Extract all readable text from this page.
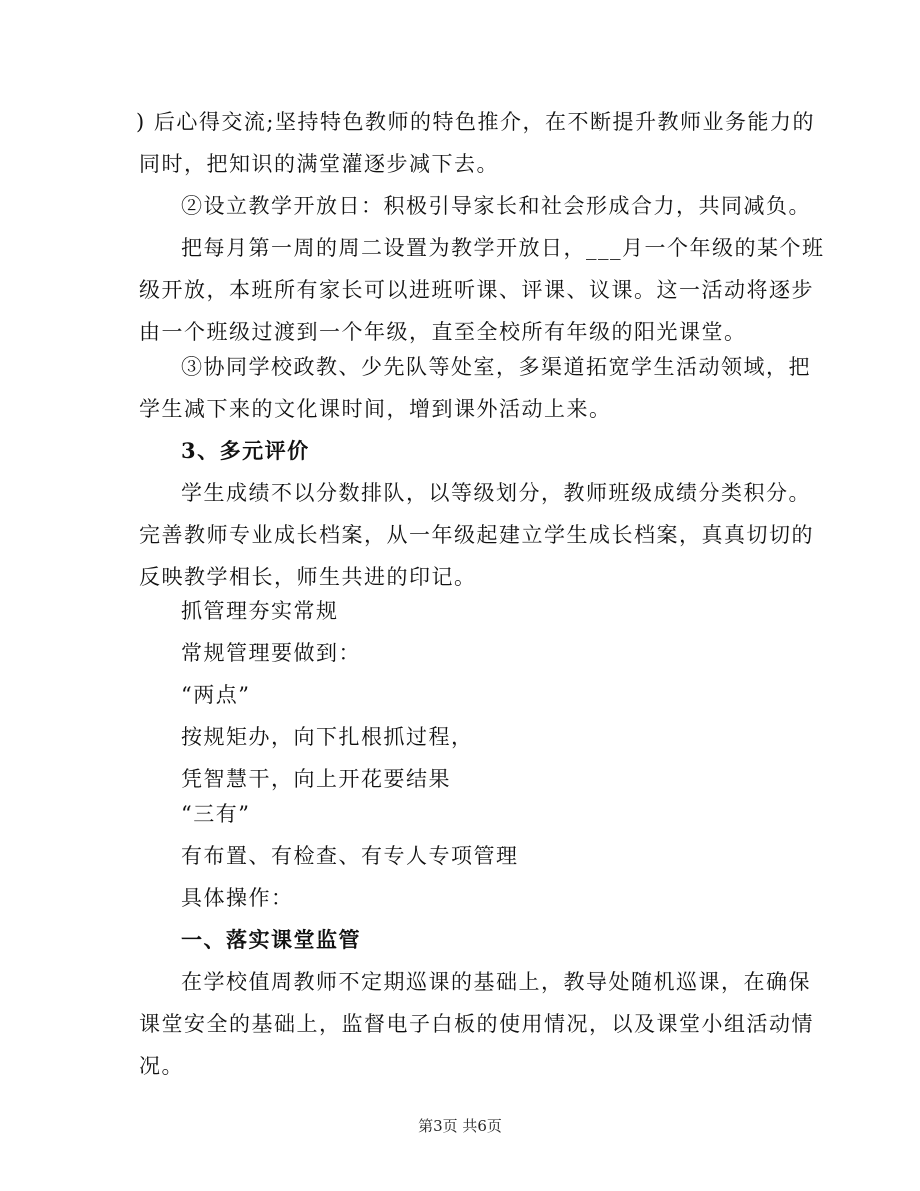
) 后心得交流;坚持特色教师的特色推介，在不断提升教师业务能力的
同时，把知识的满堂灌逐步减下去。
②设立教学开放日：积极引导家长和社会形成合力，共同减负。
把每月第一周的周二设置为教学开放日，___月一个年级的某个班
级开放，本班所有家长可以进班听课、评课、议课。这一活动将逐步
由一个班级过渡到一个年级，直至全校所有年级的阳光课堂。
③协同学校政教、少先队等处室，多渠道拓宽学生活动领域，把
学生减下来的文化课时间，增到课外活动上来。
3、多元评价
学生成绩不以分数排队，以等级划分，教师班级成绩分类积分。
完善教师专业成长档案，从一年级起建立学生成长档案，真真切切的
反映教学相长，师生共进的印记。
抓管理夯实常规
常规管理要做到：
“两点”
按规矩办，向下扎根抓过程，
凭智慧干，向上开花要结果
“三有”
有布置、有检查、有专人专项管理
具体操作：
一、落实课堂监管
在学校值周教师不定期巡课的基础上，教导处随机巡课，在确保
课堂安全的基础上，监督电子白板的使用情况，以及课堂小组活动情
况。
第3页 共6页
